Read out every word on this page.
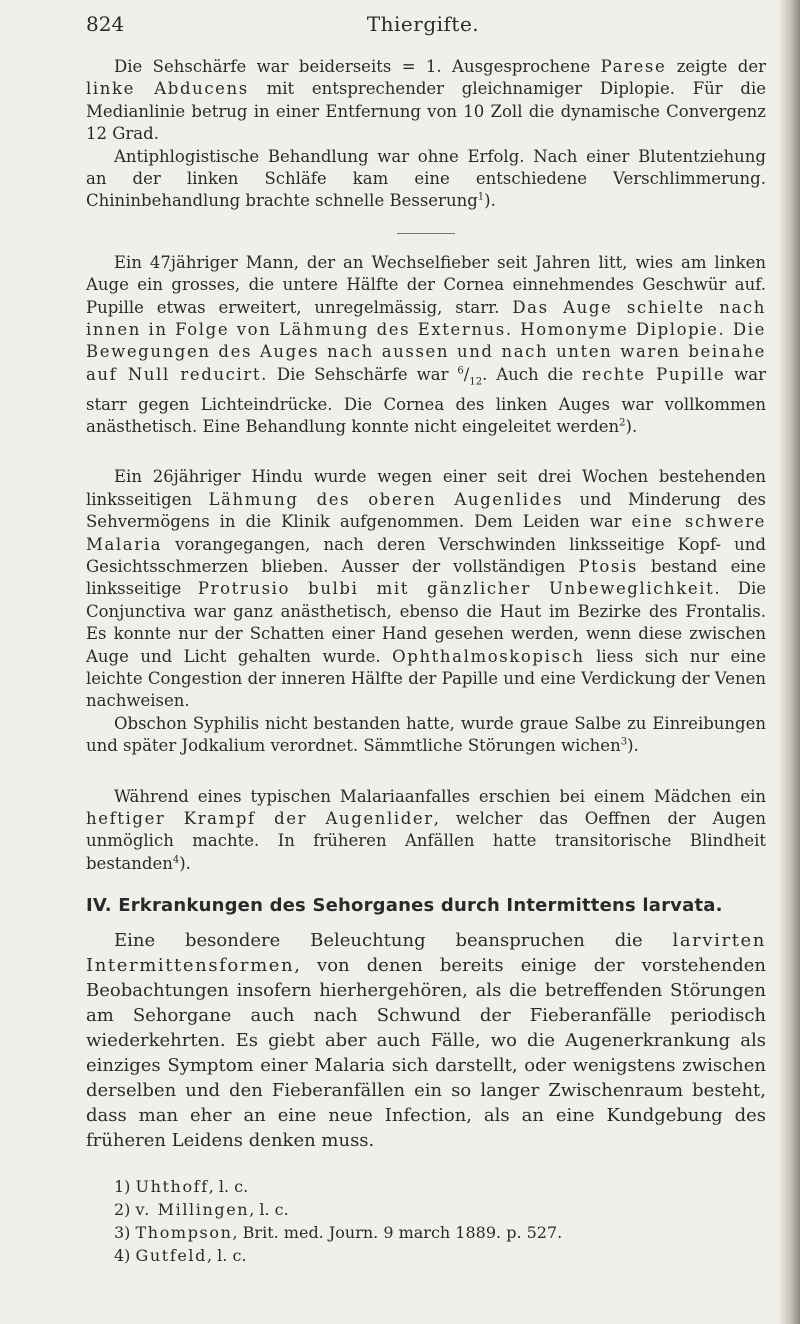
824	Thiergifte.

Die Sehschärfe war beiderseits = 1. Ausgesprochene Parese zeigte der linke Abducens mit entsprechender gleichnamiger Diplopie. Für die Medianlinie betrug in einer Entfernung von 10 Zoll die dynamische Convergenz 12 Grad.

Antiphlogistische Behandlung war ohne Erfolg. Nach einer Blutentziehung an der linken Schläfe kam eine entschiedene Verschlimmerung. Chininbehandlung brachte schnelle Besserung$^1$).

Ein 47jähriger Mann, der an Wechselfieber seit Jahren litt, wies am linken Auge ein grosses, die untere Hälfte der Cornea einnehmendes Geschwür auf. Pupille etwas erweitert, unregelmässig, starr. Das Auge schielte nach innen in Folge von Lähmung des Externus. Homonyme Diplopie. Die Bewegungen des Auges nach aussen und nach unten waren beinahe auf Null reducirt. Die Sehschärfe war $^6/_{12}$. Auch die rechte Pupille war starr gegen Lichteindrücke. Die Cornea des linken Auges war vollkommen anästhetisch. Eine Behandlung konnte nicht eingeleitet werden$^2$).

Ein 26jähriger Hindu wurde wegen einer seit drei Wochen bestehenden linksseitigen Lähmung des oberen Augenlides und Minderung des Sehvermögens in die Klinik aufgenommen. Dem Leiden war eine schwere Malaria vorangegangen, nach deren Verschwinden linksseitige Kopf- und Gesichtsschmerzen blieben. Ausser der vollständigen Ptosis bestand eine linksseitige Protrusio bulbi mit gänzlicher Unbeweglichkeit. Die Conjunctiva war ganz anästhetisch, ebenso die Haut im Bezirke des Frontalis. Es konnte nur der Schatten einer Hand gesehen werden, wenn diese zwischen Auge und Licht gehalten wurde. Ophthalmoskopisch liess sich nur eine leichte Congestion der inneren Hälfte der Papille und eine Verdickung der Venen nachweisen.

Obschon Syphilis nicht bestanden hatte, wurde graue Salbe zu Einreibungen und später Jodkalium verordnet. Sämmtliche Störungen wichen$^3$).

Während eines typischen Malariaanfalles erschien bei einem Mädchen ein heftiger Krampf der Augenlider, welcher das Oeffnen der Augen unmöglich machte. In früheren Anfällen hatte transitorische Blindheit bestanden$^4$).

IV. Erkrankungen des Sehorganes durch Intermittens larvata.

Eine besondere Beleuchtung beanspruchen die larvirten Intermittensformen, von denen bereits einige der vorstehenden Beobachtungen insofern hierhergehören, als die betreffenden Störungen am Sehorgane auch nach Schwund der Fieberanfälle periodisch wiederkehrten. Es giebt aber auch Fälle, wo die Augenerkrankung als einziges Symptom einer Malaria sich darstellt, oder wenigstens zwischen derselben und den Fieberanfällen ein so langer Zwischenraum besteht, dass man eher an eine neue Infection, als an eine Kundgebung des früheren Leidens denken muss.

1) Uhthoff, l. c.
2) v. Millingen, l. c.
3) Thompson, Brit. med. Journ. 9 march 1889. p. 527.
4) Gutfeld, l. c.
